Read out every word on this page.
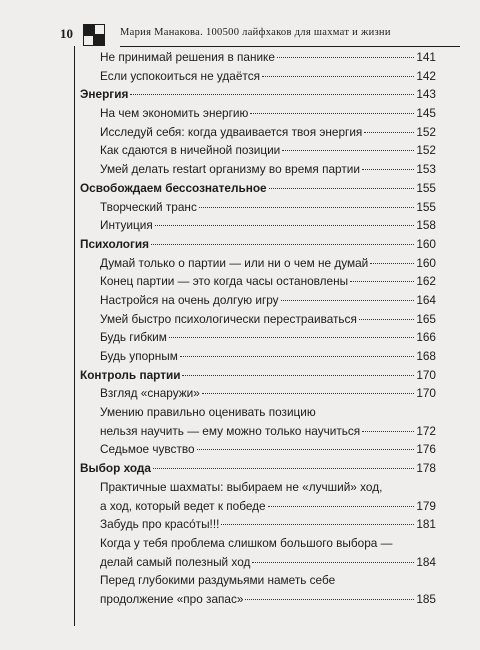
10	Мария Манакова. 100500 лайфхаков для шахмат и жизни
Не принимай решения в панике	141
Если успокоиться не удаётся	142
Энергия	143
На чем экономить энергию	145
Исследуй себя: когда удваивается твоя энергия	152
Как сдаются в ничейной позиции	152
Умей делать restart организму во время партии	153
Освобождаем бессознательное	155
Творческий транс	155
Интуиция	158
Психология	160
Думай только о партии — или ни о чем не думай	160
Конец партии — это когда часы остановлены	162
Настройся на очень долгую игру	164
Умей быстро психологически перестраиваться	165
Будь гибким	166
Будь упорным	168
Контроль партии	170
Взгляд «снаружи»	170
Умению правильно оценивать позицию
нельзя научить — ему можно только научиться	172
Седьмое чувство	176
Выбор хода	178
Практичные шахматы: выбираем не «лучший» ход,
а ход, который ведет к победе	179
Забудь про красо́ты!!!	181
Когда у тебя проблема слишком большого выбора —
делай самый полезный ход	184
Перед глубокими раздумьями наметь себе
продолжение «про запас»	185
